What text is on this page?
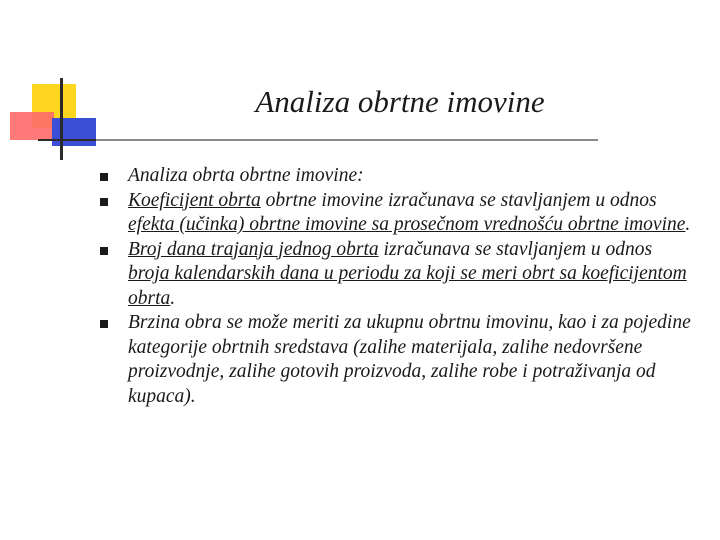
Analiza obrtne imovine
Analiza obrta obrtne imovine:
Koeficijent obrta obrtne imovine izračunava se stavljanjem u odnos efekta (učinka) obrtne imovine sa prosečnom vrednošću obrtne imovine.
Broj dana trajanja jednog obrta izračunava se stavljanjem u odnos broja kalendarskih dana u periodu za koji se meri obrt sa koeficijentom obrta.
Brzina obra se može meriti za ukupnu obrtnu imovinu, kao i za pojedine kategorije obrtnih sredstava (zalihe materijala, zalihe nedovršene proizvodnje, zalihe gotovih proizvoda, zalihe robe i potraživanja od kupaca).
